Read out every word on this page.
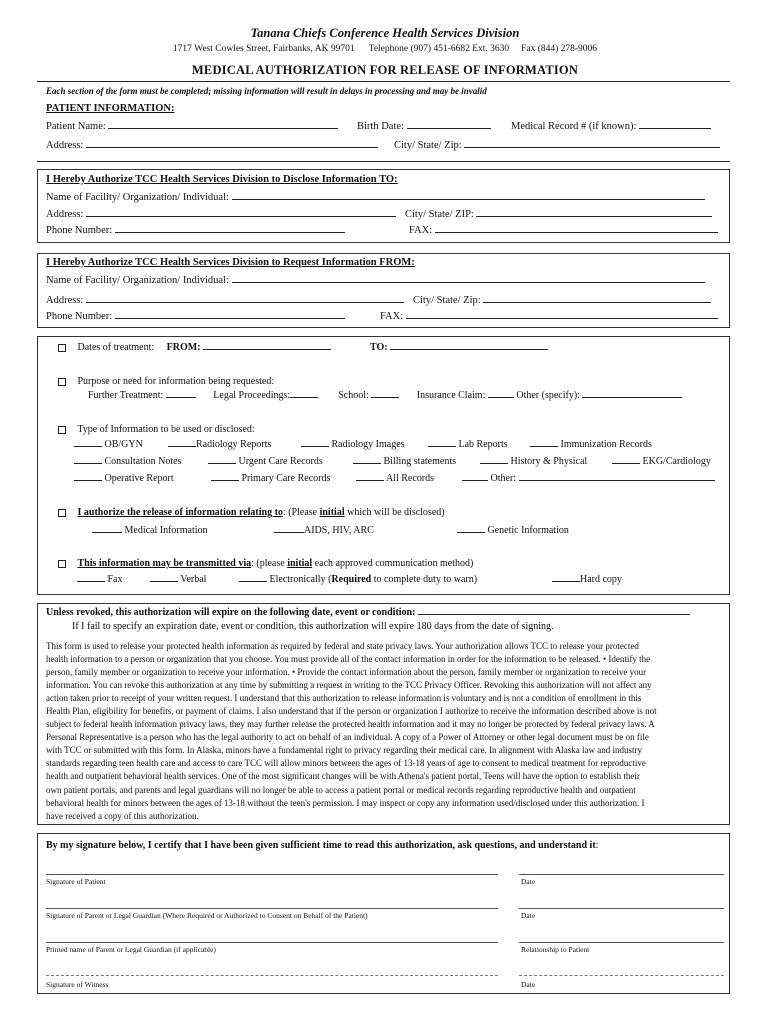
Tanana Chiefs Conference Health Services Division
1717 West Cowles Street, Fairbanks, AK 99701 Telephone (907) 451-6682 Ext. 3630 Fax (844) 278-9006
MEDICAL AUTHORIZATION FOR RELEASE OF INFORMATION
Each section of the form must be completed; missing information will result in delays in processing and may be invalid
PATIENT INFORMATION:
Patient Name:	Birth Date:	Medical Record # (if known):
Address:	City/ State/ Zip:
I Hereby Authorize TCC Health Services Division to Disclose Information TO:
Name of Facility/ Organization/ Individual:
Address:	City/ State/ ZIP:
Phone Number:	FAX:
I Hereby Authorize TCC Health Services Division to Request Information FROM:
Name of Facility/ Organization/ Individual:
Address:	City/ State/ Zip:
Phone Number:	FAX:
Dates of treatment: FROM:	TO:
Purpose or need for information being requested:
Further Treatment:	Legal Proceedings:	School:	Insurance Claim:	Other (specify):
Type of Information to be used or disclosed:
OB/GYN	Radiology Reports	Radiology Images	Lab Reports	Immunization Records
Consultation Notes	Urgent Care Records	Billing statements	History & Physical	EKG/Cardiology
Operative Report	Primary Care Records	All Records	Other:
I authorize the release of information relating to: (Please initial which will be disclosed)
Medical Information	AIDS, HIV, ARC	Genetic Information
This information may be transmitted via: (please initial each approved communication method)
Fax	Verbal	Electronically (Required to complete duty to warn)	Hard copy
Unless revoked, this authorization will expire on the following date, event or condition:
If I fail to specify an expiration date, event or condition, this authorization will expire 180 days from the date of signing.
This form is used to release your protected health information as required by federal and state privacy laws. Your authorization allows TCC to release your protected
health information to a person or organization that you choose. You must provide all of the contact information in order for the information to be released. • Identify the
person, family member or organization to receive your information. • Provide the contact information about the person, family member or organization to receive your
information. You can revoke this authorization at any time by submitting a request in writing to the TCC Privacy Officer. Revoking this authorization will not affect any
action taken prior to receipt of your written request. I understand that this authorization to release information is voluntary and is not a condition of enrollment in this
Health Plan, eligibility for benefits, or payment of claims. I also understand that if the person or organization I authorize to receive the information described above is not
subject to federal health information privacy laws, they may further release the protected health information and it may no longer be protected by federal privacy laws. A
Personal Representative is a person who has the legal authority to act on behalf of an individual. A copy of a Power of Attorney or other legal document must be on file
with TCC or submitted with this form. In Alaska, minors have a fundamental right to privacy regarding their medical care. In alignment with Alaska law and industry
standards regarding teen health care and access to care TCC will allow minors between the ages of 13-18 years of age to consent to medical treatment for reproductive
health and outpatient behavioral health services. One of the most significant changes will be with Athena's patient portal, Teens will have the option to establish their
own patient portals, and parents and legal guardians will no longer be able to access a patient portal or medical records regarding reproductive health and outpatient
behavioral health for minors between the ages of 13-18 without the teen's permission. I may inspect or copy any information used/disclosed under this authorization. I
have received a copy of this authorization.
By my signature below, I certify that I have been given sufficient time to read this authorization, ask questions, and understand it:
Signature of Patient	Date
Signature of Parent or Legal Guardian (Where Required or Authorized to Consent on Behalf of the Patient)	Date
Printed name of Parent or Legal Guardian (if applicable)	Relationship to Patient
Signature of Witness	Date
